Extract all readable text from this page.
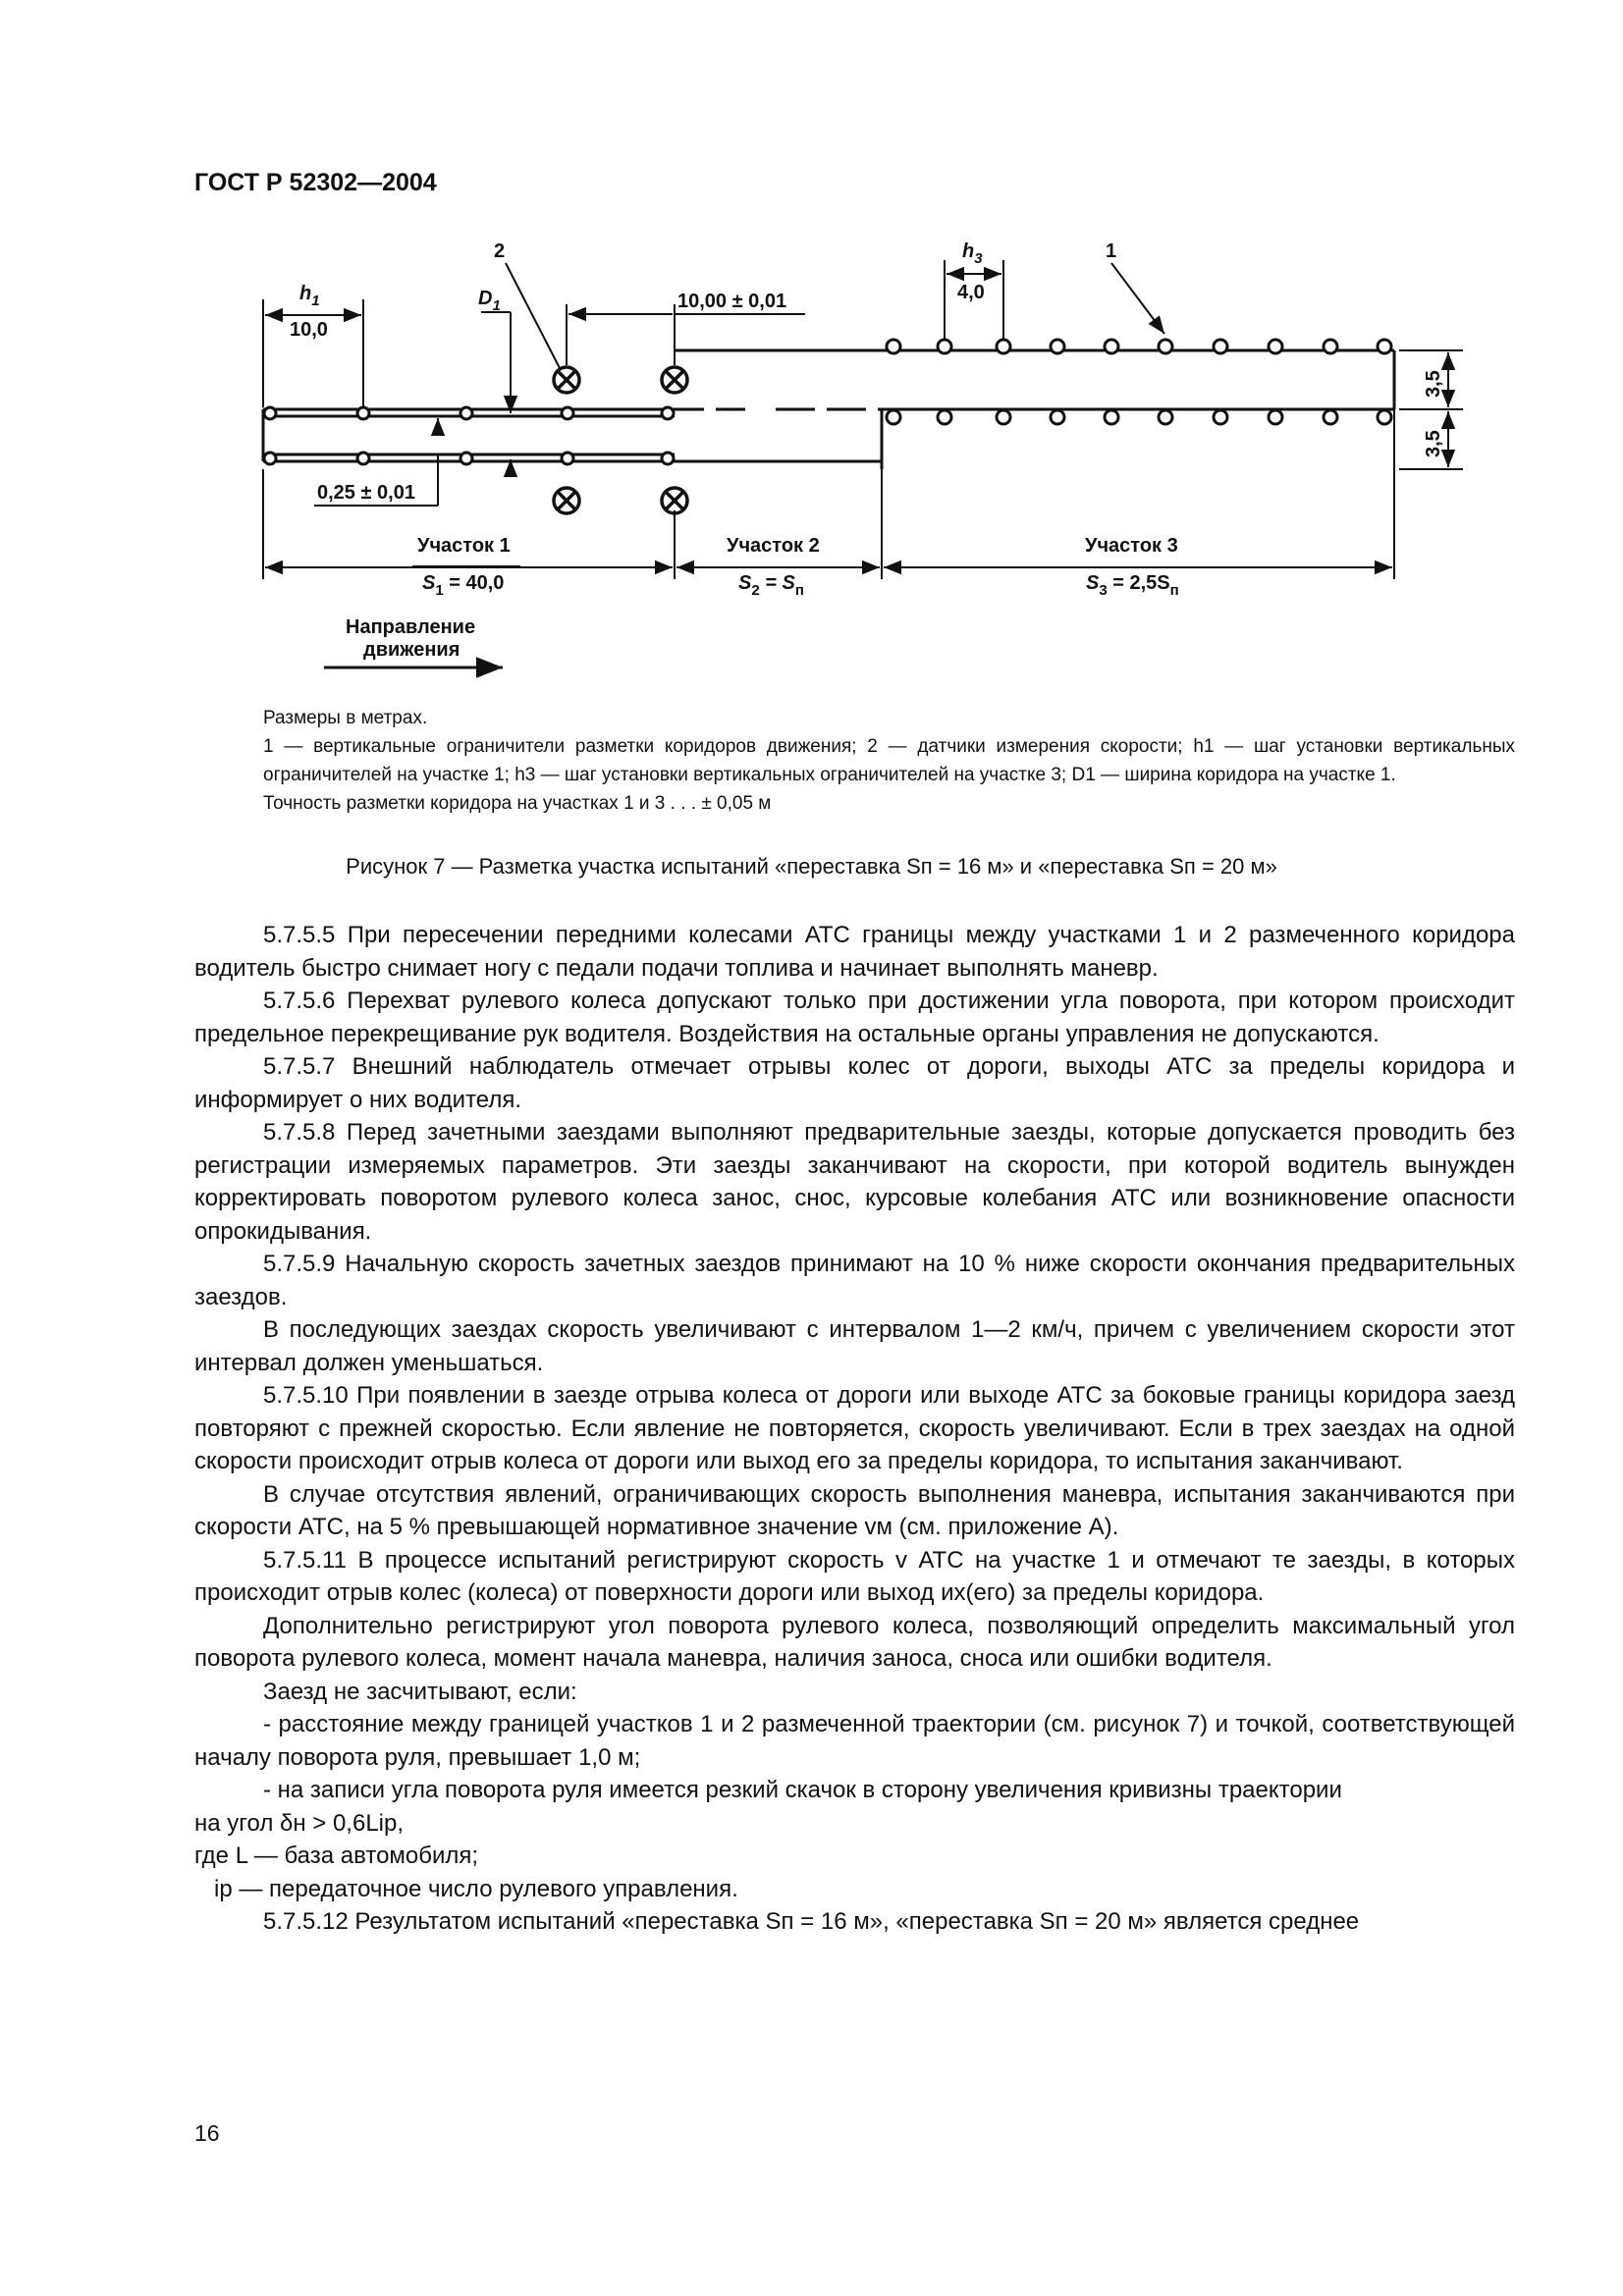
ГОСТ Р 52302—2004
2	1
$h_1$
10,0
$D_1$	10,00 ± 0,01
$h_3$
4,0
3,5
3,5
0,25 ± 0,01
Участок 1	Участок 2	Участок 3
$S_1 = 40,0$	$S_2 = S_п$	$S_3 = 2,5S_п$
Направление
движения

Размеры в метрах.

1 — вертикальные ограничители разметки коридоров движения; 2 — датчики измерения скорости; h1 — шаг установки вертикальных ограничителей на участке 1; h3 — шаг установки вертикальных ограничителей на участке 3; D1 — ширина коридора на участке 1.

Точность разметки коридора на участках 1 и 3 . . . ± 0,05 м

Рисунок 7 — Разметка участка испытаний «переставка Sп = 16 м» и «переставка Sп = 20 м»

5.7.5.5 При пересечении передними колесами АТС границы между участками 1 и 2 размеченного коридора водитель быстро снимает ногу с педали подачи топлива и начинает выполнять маневр.

5.7.5.6 Перехват рулевого колеса допускают только при достижении угла поворота, при котором происходит предельное перекрещивание рук водителя. Воздействия на остальные органы управления не допускаются.

5.7.5.7 Внешний наблюдатель отмечает отрывы колес от дороги, выходы АТС за пределы коридора и информирует о них водителя.

5.7.5.8 Перед зачетными заездами выполняют предварительные заезды, которые допускается проводить без регистрации измеряемых параметров. Эти заезды заканчивают на скорости, при которой водитель вынужден корректировать поворотом рулевого колеса занос, снос, курсовые колебания АТС или возникновение опасности опрокидывания.

5.7.5.9 Начальную скорость зачетных заездов принимают на 10 % ниже скорости окончания предварительных заездов.

В последующих заездах скорость увеличивают с интервалом 1—2 км/ч, причем с увеличением скорости этот интервал должен уменьшаться.

5.7.5.10 При появлении в заезде отрыва колеса от дороги или выходе АТС за боковые границы коридора заезд повторяют с прежней скоростью. Если явление не повторяется, скорость увеличивают. Если в трех заездах на одной скорости происходит отрыв колеса от дороги или выход его за пределы коридора, то испытания заканчивают.

В случае отсутствия явлений, ограничивающих скорость выполнения маневра, испытания заканчиваются при скорости АТС, на 5 % превышающей нормативное значение vм (см. приложение А).

5.7.5.11 В процессе испытаний регистрируют скорость v АТС на участке 1 и отмечают те заезды, в которых происходит отрыв колес (колеса) от поверхности дороги или выход их(его) за пределы коридора.

Дополнительно регистрируют угол поворота рулевого колеса, позволяющий определить максимальный угол поворота рулевого колеса, момент начала маневра, наличия заноса, сноса или ошибки водителя.

Заезд не засчитывают, если:

- расстояние между границей участков 1 и 2 размеченной траектории (см. рисунок 7) и точкой, соответствующей началу поворота руля, превышает 1,0 м;

- на записи угла поворота руля имеется резкий скачок в сторону увеличения кривизны траектории

на угол δн > 0,6Liр,

где L — база автомобиля;

iр — передаточное число рулевого управления.

5.7.5.12 Результатом испытаний «переставка Sп = 16 м», «переставка Sп = 20 м» является среднее

16
